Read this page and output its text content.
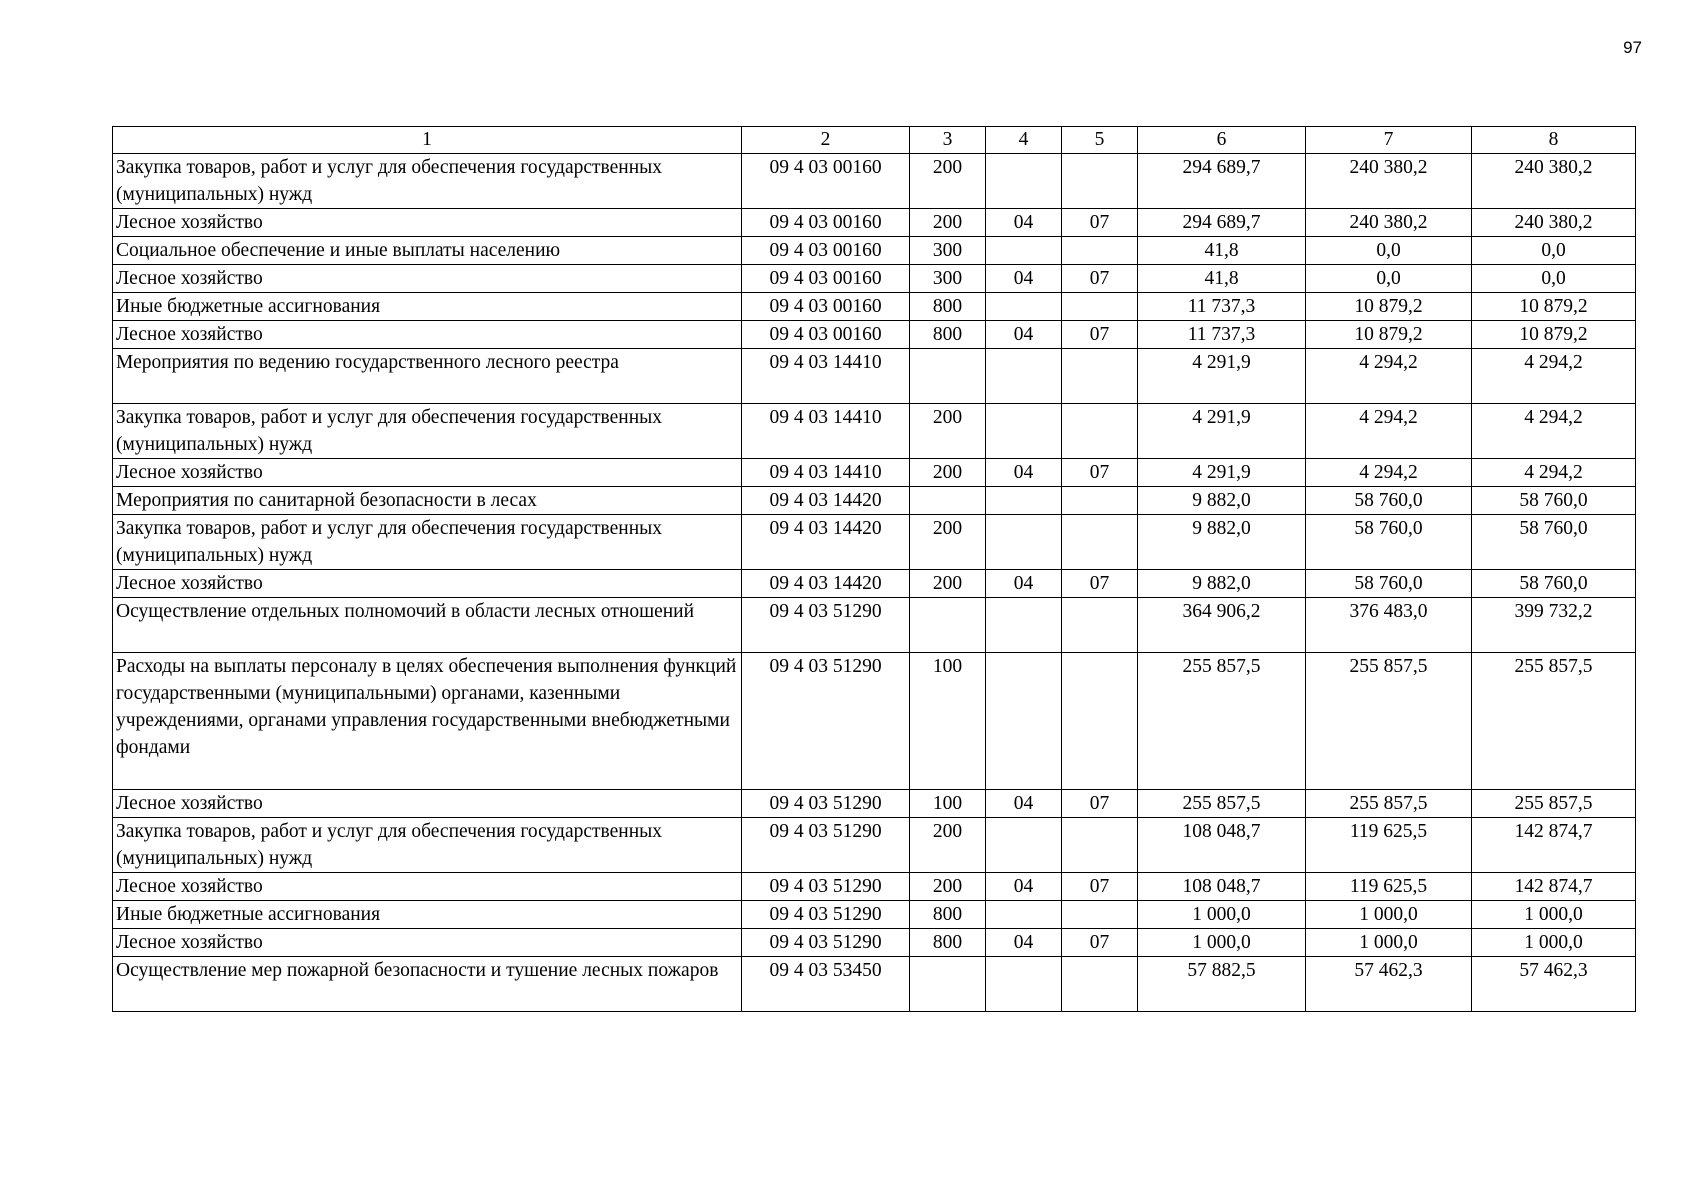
97
1	2	3	4	5	6	7	8
Закупка товаров, работ и услуг для обеспечения государственных (муниципальных) нужд	09 4 03 00160	200			294 689,7	240 380,2	240 380,2
Лесное хозяйство	09 4 03 00160	200	04	07	294 689,7	240 380,2	240 380,2
Социальное обеспечение и иные выплаты населению	09 4 03 00160	300			41,8	0,0	0,0
Лесное хозяйство	09 4 03 00160	300	04	07	41,8	0,0	0,0
Иные бюджетные ассигнования	09 4 03 00160	800			11 737,3	10 879,2	10 879,2
Лесное хозяйство	09 4 03 00160	800	04	07	11 737,3	10 879,2	10 879,2
Мероприятия по ведению государственного лесного реестра	09 4 03 14410				4 291,9	4 294,2	4 294,2
Закупка товаров, работ и услуг для обеспечения государственных (муниципальных) нужд	09 4 03 14410	200			4 291,9	4 294,2	4 294,2
Лесное хозяйство	09 4 03 14410	200	04	07	4 291,9	4 294,2	4 294,2
Мероприятия по санитарной безопасности в лесах	09 4 03 14420				9 882,0	58 760,0	58 760,0
Закупка товаров, работ и услуг для обеспечения государственных (муниципальных) нужд	09 4 03 14420	200			9 882,0	58 760,0	58 760,0
Лесное хозяйство	09 4 03 14420	200	04	07	9 882,0	58 760,0	58 760,0
Осуществление отдельных полномочий в области лесных отношений	09 4 03 51290				364 906,2	376 483,0	399 732,2
Расходы на выплаты персоналу в целях обеспечения выполнения функций государственными (муниципальными) органами, казенными учреждениями, органами управления государственными внебюджетными фондами	09 4 03 51290	100			255 857,5	255 857,5	255 857,5
Лесное хозяйство	09 4 03 51290	100	04	07	255 857,5	255 857,5	255 857,5
Закупка товаров, работ и услуг для обеспечения государственных (муниципальных) нужд	09 4 03 51290	200			108 048,7	119 625,5	142 874,7
Лесное хозяйство	09 4 03 51290	200	04	07	108 048,7	119 625,5	142 874,7
Иные бюджетные ассигнования	09 4 03 51290	800			1 000,0	1 000,0	1 000,0
Лесное хозяйство	09 4 03 51290	800	04	07	1 000,0	1 000,0	1 000,0
Осуществление мер пожарной безопасности и тушение лесных пожаров	09 4 03 53450				57 882,5	57 462,3	57 462,3
